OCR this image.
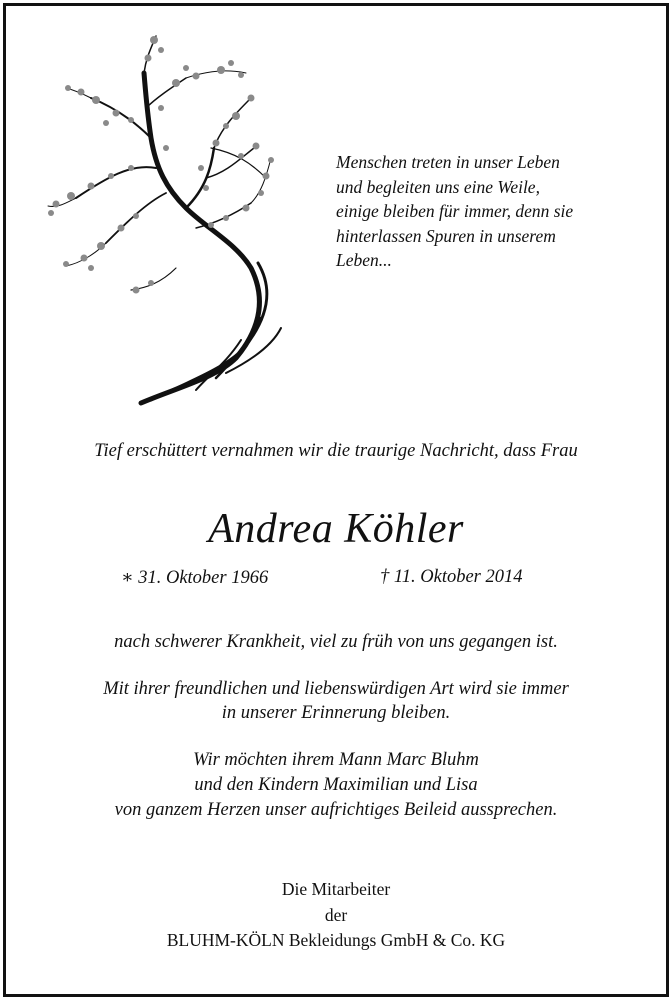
Menschen treten in unser Leben
und begleiten uns eine Weile,
einige bleiben für immer, denn sie
hinterlassen Spuren in unserem
Leben...
Tief erschüttert vernahmen wir die traurige Nachricht, dass Frau
Andrea Köhler
∗ 31. Oktober 1966	† 11. Oktober 2014
nach schwerer Krankheit, viel zu früh von uns gegangen ist.
Mit ihrer freundlichen und liebenswürdigen Art wird sie immer
in unserer Erinnerung bleiben.
Wir möchten ihrem Mann Marc Bluhm
und den Kindern Maximilian und Lisa
von ganzem Herzen unser aufrichtiges Beileid aussprechen.
Die Mitarbeiter
der
BLUHM-KÖLN Bekleidungs GmbH & Co. KG
